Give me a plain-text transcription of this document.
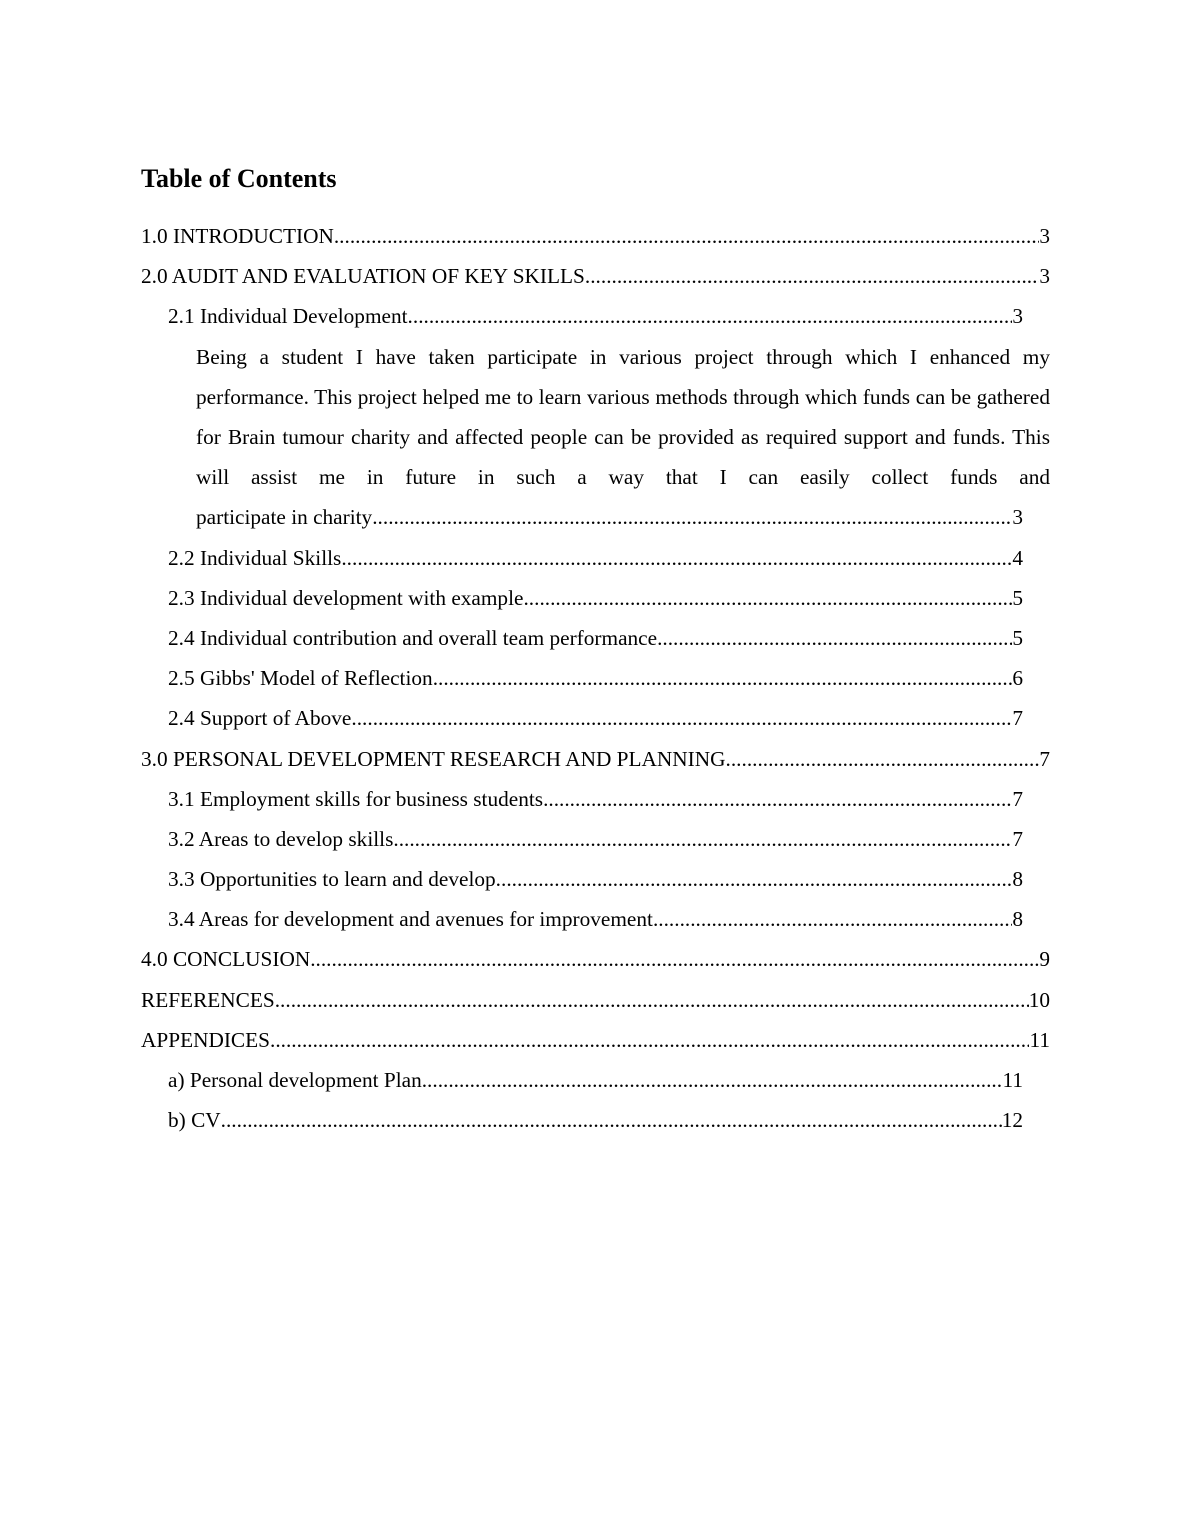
Table of Contents
1.0 INTRODUCTION .....	3
2.0 AUDIT AND EVALUATION OF KEY SKILLS .....	3
2.1 Individual Development .....	3

Being a student I have taken participate in various project through which I enhanced my performance. This project helped me to learn various methods through which funds can be gathered for Brain tumour charity and affected people can be provided as required support and funds. This will assist me in future in such a way that I can easily collect funds and

participate in charity .....	3
2.2 Individual Skills .....	4
2.3 Individual development with example .....	5
2.4 Individual contribution and overall team performance .....	5
2.5 Gibbs' Model of Reflection .....	6
2.4 Support of Above .....	7
3.0 PERSONAL DEVELOPMENT RESEARCH AND PLANNING .....	7
3.1 Employment skills for business students .....	7
3.2 Areas to develop skills .....	7
3.3 Opportunities to learn and develop .....	8
3.4 Areas for development and avenues for improvement .....	8
4.0 CONCLUSION .....	9
REFERENCES .....	10
APPENDICES .....	11
a) Personal development Plan .....	11
b) CV .....	12
